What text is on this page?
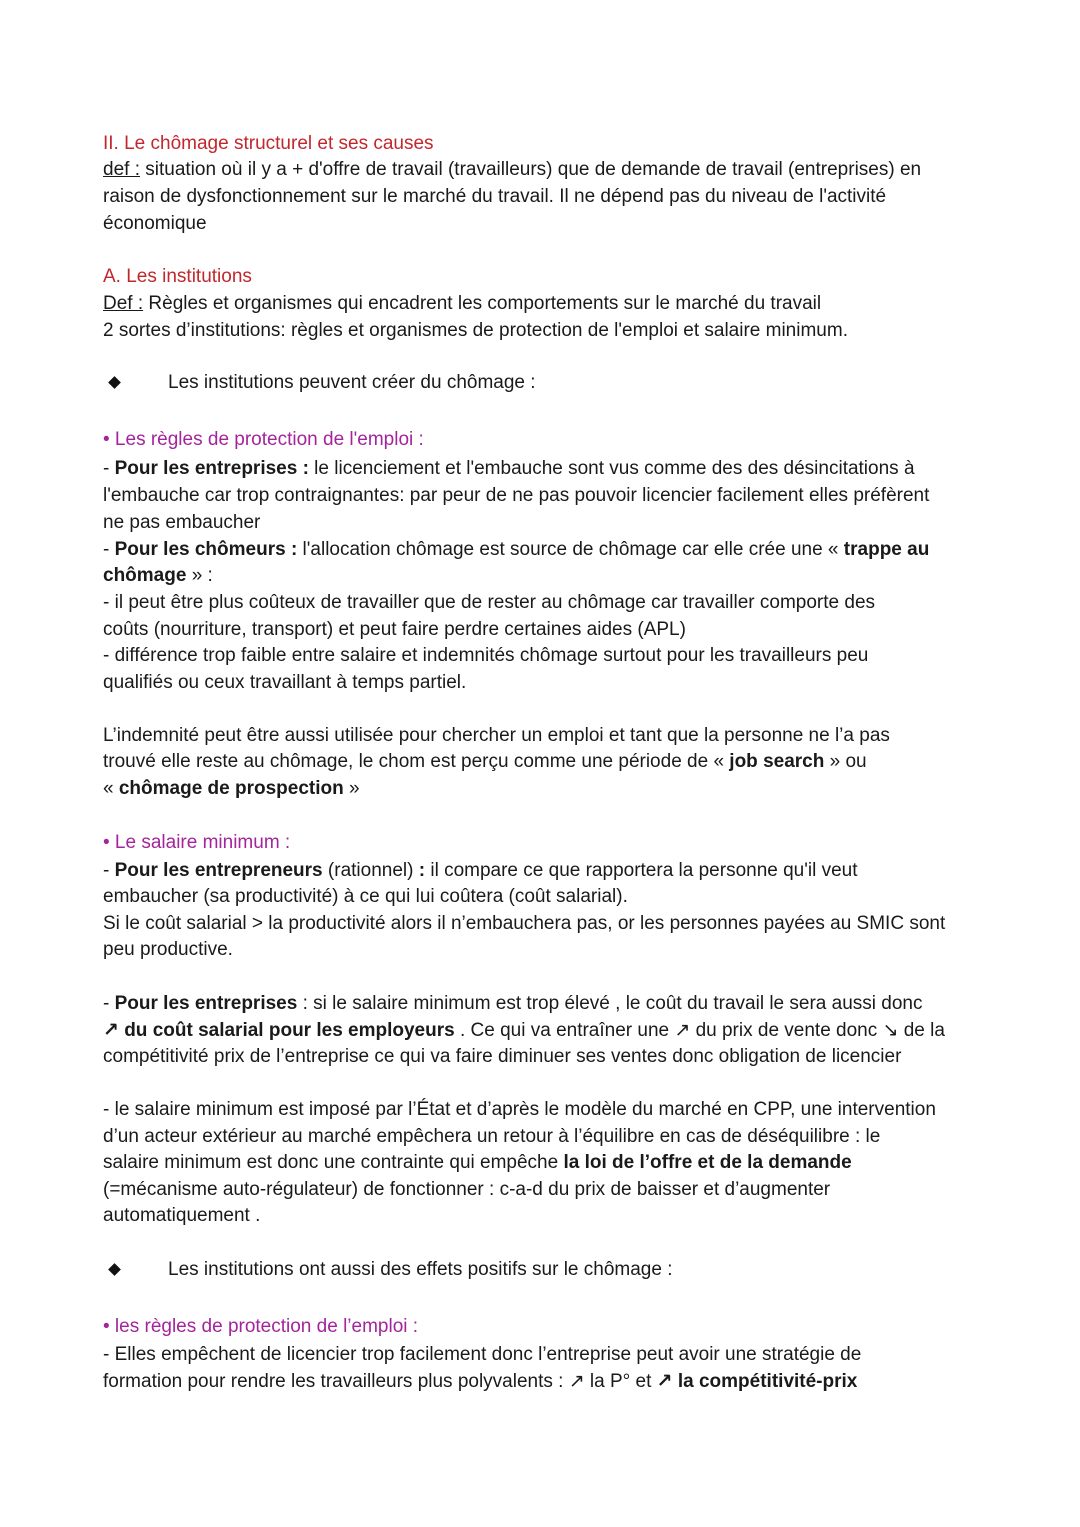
II. Le chômage structurel et ses causes
def : situation où il y a + d'offre de travail (travailleurs) que de demande de travail (entreprises) en
raison de dysfonctionnement sur le marché du travail. Il ne dépend pas du niveau de l'activité
économique
A. Les institutions
Def : Règles et organismes qui encadrent les comportements sur le marché du travail
2 sortes d’institutions: règles et organismes de protection de l'emploi et salaire minimum.
Les institutions peuvent créer du chômage :
• Les règles de protection de l'emploi :
- Pour les entreprises : le licenciement et l'embauche sont vus comme des des désincitations à
l'embauche car trop contraignantes: par peur de ne pas pouvoir licencier facilement elles préfèrent
ne pas embaucher
- Pour les chômeurs : l'allocation chômage est source de chômage car elle crée une « trappe au
chômage » :
- il peut être plus coûteux de travailler que de rester au chômage car travailler comporte des
coûts (nourriture, transport) et peut faire perdre certaines aides (APL)
- différence trop faible entre salaire et indemnités chômage surtout pour les travailleurs peu
qualifiés ou ceux travaillant à temps partiel.
L’indemnité peut être aussi utilisée pour chercher un emploi et tant que la personne ne l’a pas
trouvé elle reste au chômage, le chom est perçu comme une période de « job search » ou
« chômage de prospection »
• Le salaire minimum :
- Pour les entrepreneurs (rationnel) : il compare ce que rapportera la personne qu'il veut
embaucher (sa productivité) à ce qui lui coûtera (coût salarial).
Si le coût salarial > la productivité alors il n’embauchera pas, or les personnes payées au SMIC sont
peu productive.
- Pour les entreprises : si le salaire minimum est trop élevé , le coût du travail le sera aussi donc
↗ du coût salarial pour les employeurs . Ce qui va entraîner une ↗ du prix de vente donc ↘ de la
compétitivité prix de l’entreprise ce qui va faire diminuer ses ventes donc obligation de licencier
- le salaire minimum est imposé par l’État et d’après le modèle du marché en CPP, une intervention
d’un acteur extérieur au marché empêchera un retour à l’équilibre en cas de déséquilibre : le
salaire minimum est donc une contrainte qui empêche la loi de l’offre et de la demande
(=mécanisme auto-régulateur) de fonctionner : c-a-d du prix de baisser et d’augmenter
automatiquement .
Les institutions ont aussi des effets positifs sur le chômage :
• les règles de protection de l’emploi :
- Elles empêchent de licencier trop facilement donc l’entreprise peut avoir une stratégie de
formation pour rendre les travailleurs plus polyvalents : ↗ la P° et ↗ la compétitivité-prix
